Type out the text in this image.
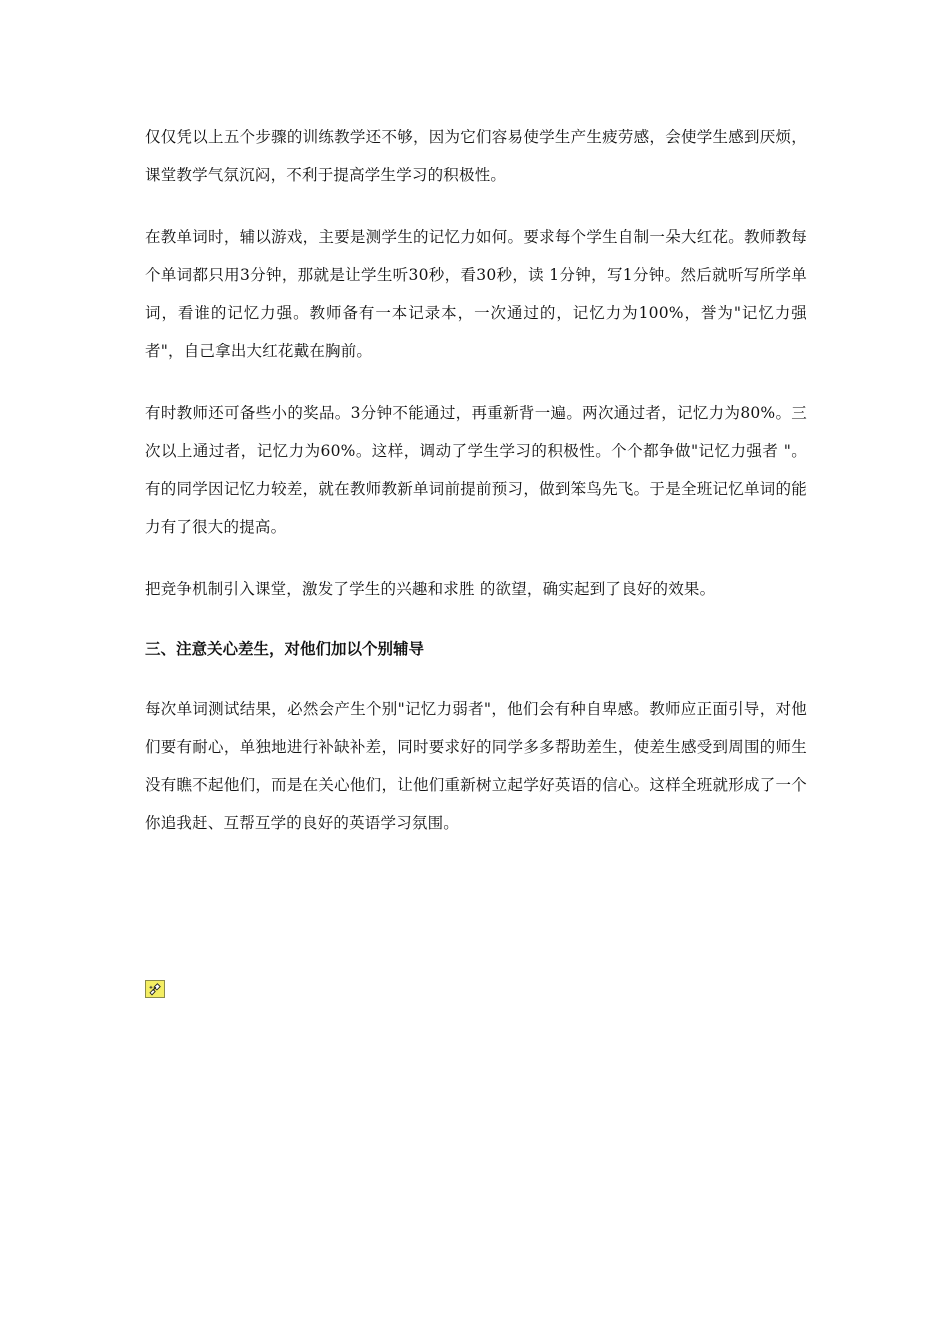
仅仅凭以上五个步骤的训练教学还不够，因为它们容易使学生产生疲劳感，会使学生感到厌烦，课堂教学气氛沉闷，不利于提高学生学习的积极性。

在教单词时，辅以游戏，主要是测学生的记忆力如何。要求每个学生自制一朵大红花。教师教每个单词都只用3分钟，那就是让学生听30秒，看30秒，读 1分钟，写1分钟。然后就听写所学单词，看谁的记忆力强。教师备有一本记录本，一次通过的，记忆力为100%，誉为"记忆力强者"，自己拿出大红花戴在胸前。

有时教师还可备些小的奖品。3分钟不能通过，再重新背一遍。两次通过者，记忆力为80%。三次以上通过者，记忆力为60%。这样，调动了学生学习的积极性。个个都争做"记忆力强者 "。有的同学因记忆力较差，就在教师教新单词前提前预习，做到笨鸟先飞。于是全班记忆单词的能力有了很大的提高。

把竞争机制引入课堂，激发了学生的兴趣和求胜 的欲望，确实起到了良好的效果。

三、注意关心差生，对他们加以个别辅导

每次单词测试结果，必然会产生个别"记忆力弱者"，他们会有种自卑感。教师应正面引导，对他们要有耐心，单独地进行补缺补差，同时要求好的同学多多帮助差生，使差生感受到周围的师生没有瞧不起他们，而是在关心他们，让他们重新树立起学好英语的信心。这样全班就形成了一个你追我赶、互帮互学的良好的英语学习氛围。
